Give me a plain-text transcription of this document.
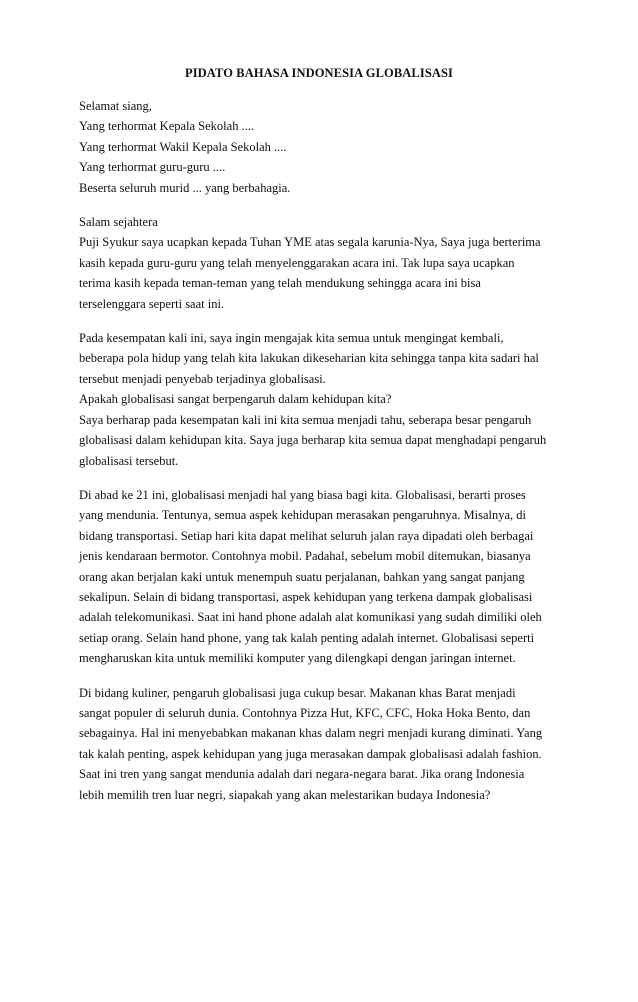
PIDATO BAHASA INDONESIA GLOBALISASI

Selamat siang,
Yang terhormat Kepala Sekolah ....
Yang terhormat Wakil Kepala Sekolah ....
Yang terhormat guru-guru ....
Beserta seluruh murid ... yang berbahagia.

Salam sejahtera
Puji Syukur saya ucapkan kepada Tuhan YME atas segala karunia-Nya, Saya juga berterima
kasih kepada guru-guru yang telah menyelenggarakan acara ini. Tak lupa saya ucapkan
terima kasih kepada teman-teman yang telah mendukung sehingga acara ini bisa
terselenggara seperti saat ini.

Pada kesempatan kali ini, saya ingin mengajak kita semua untuk mengingat kembali,
beberapa pola hidup yang telah kita lakukan dikeseharian kita sehingga tanpa kita sadari hal
tersebut menjadi penyebab terjadinya globalisasi.
Apakah globalisasi sangat berpengaruh dalam kehidupan kita?
Saya berharap pada kesempatan kali ini kita semua menjadi tahu, seberapa besar pengaruh
globalisasi dalam kehidupan kita. Saya juga berharap kita semua dapat menghadapi pengaruh
globalisasi tersebut.

Di abad ke 21 ini, globalisasi menjadi hal yang biasa bagi kita. Globalisasi, berarti proses
yang mendunia. Tentunya, semua aspek kehidupan merasakan pengaruhnya. Misalnya, di
bidang transportasi. Setiap hari kita dapat melihat seluruh jalan raya dipadati oleh berbagai
jenis kendaraan bermotor. Contohnya mobil. Padahal, sebelum mobil ditemukan, biasanya
orang akan berjalan kaki untuk menempuh suatu perjalanan, bahkan yang sangat panjang
sekalipun. Selain di bidang transportasi, aspek kehidupan yang terkena dampak globalisasi
adalah telekomunikasi. Saat ini hand phone adalah alat komunikasi yang sudah dimiliki oleh
setiap orang. Selain hand phone, yang tak kalah penting adalah internet. Globalisasi seperti
mengharuskan kita untuk memiliki komputer yang dilengkapi dengan jaringan internet.

Di bidang kuliner, pengaruh globalisasi juga cukup besar. Makanan khas Barat menjadi
sangat populer di seluruh dunia. Contohnya Pizza Hut, KFC, CFC, Hoka Hoka Bento, dan
sebagainya. Hal ini menyebabkan makanan khas dalam negri menjadi kurang diminati. Yang
tak kalah penting, aspek kehidupan yang juga merasakan dampak globalisasi adalah fashion.
Saat ini tren yang sangat mendunia adalah dari negara-negara barat. Jika orang Indonesia
lebih memilih tren luar negri, siapakah yang akan melestarikan budaya Indonesia?
